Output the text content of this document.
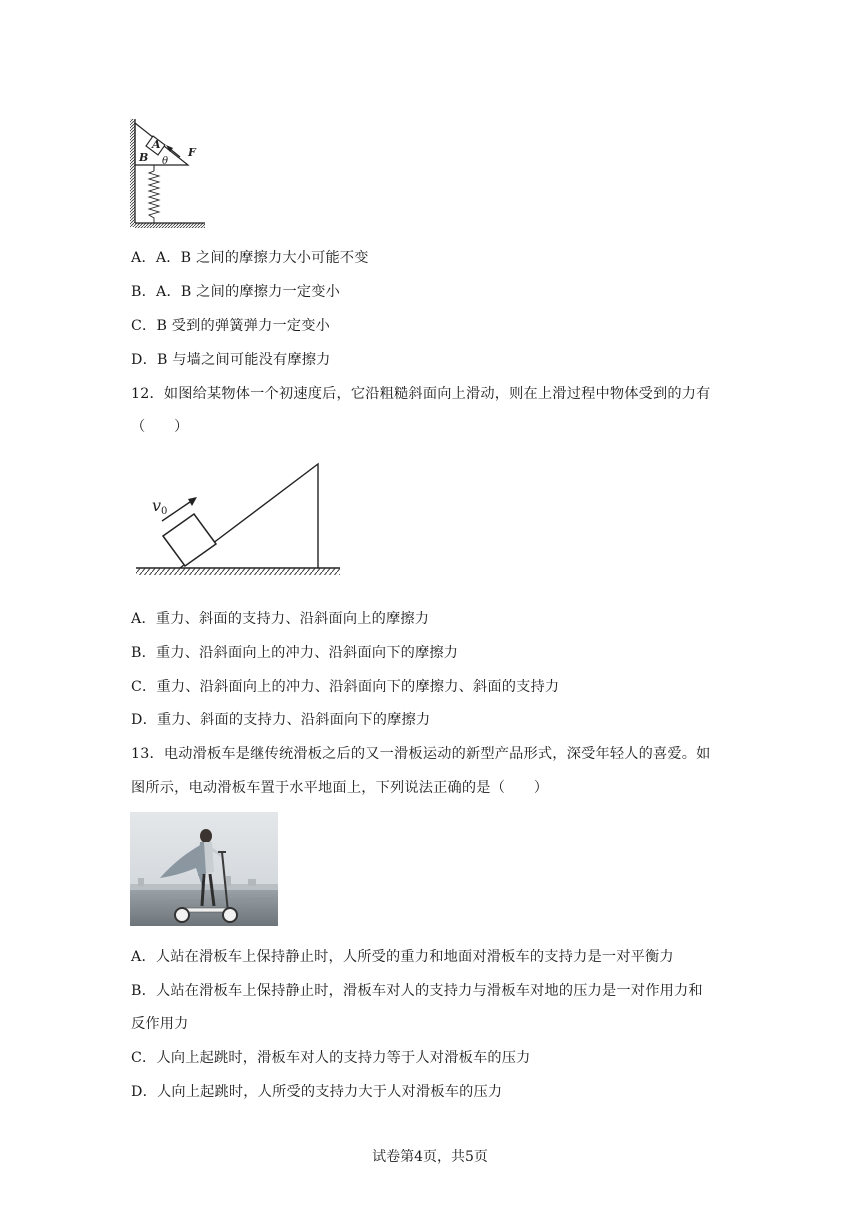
A
B θ
F
A．A．B 之间的摩擦力大小可能不变
B．A．B 之间的摩擦力一定变小
C．B 受到的弹簧弹力一定变小
D．B 与墙之间可能没有摩擦力
12．如图给某物体一个初速度后，它沿粗糙斜面向上滑动，则在上滑过程中物体受到的力有
（　　）
v 0
A．重力、斜面的支持力、沿斜面向上的摩擦力
B．重力、沿斜面向上的冲力、沿斜面向下的摩擦力
C．重力、沿斜面向上的冲力、沿斜面向下的摩擦力、斜面的支持力
D．重力、斜面的支持力、沿斜面向下的摩擦力
13．电动滑板车是继传统滑板之后的又一滑板运动的新型产品形式，深受年轻人的喜爱。如
图所示，电动滑板车置于水平地面上，下列说法正确的是（　　）
A．人站在滑板车上保持静止时，人所受的重力和地面对滑板车的支持力是一对平衡力
B．人站在滑板车上保持静止时，滑板车对人的支持力与滑板车对地的压力是一对作用力和
反作用力
C．人向上起跳时，滑板车对人的支持力等于人对滑板车的压力
D．人向上起跳时，人所受的支持力大于人对滑板车的压力
试卷第4页，共5页
